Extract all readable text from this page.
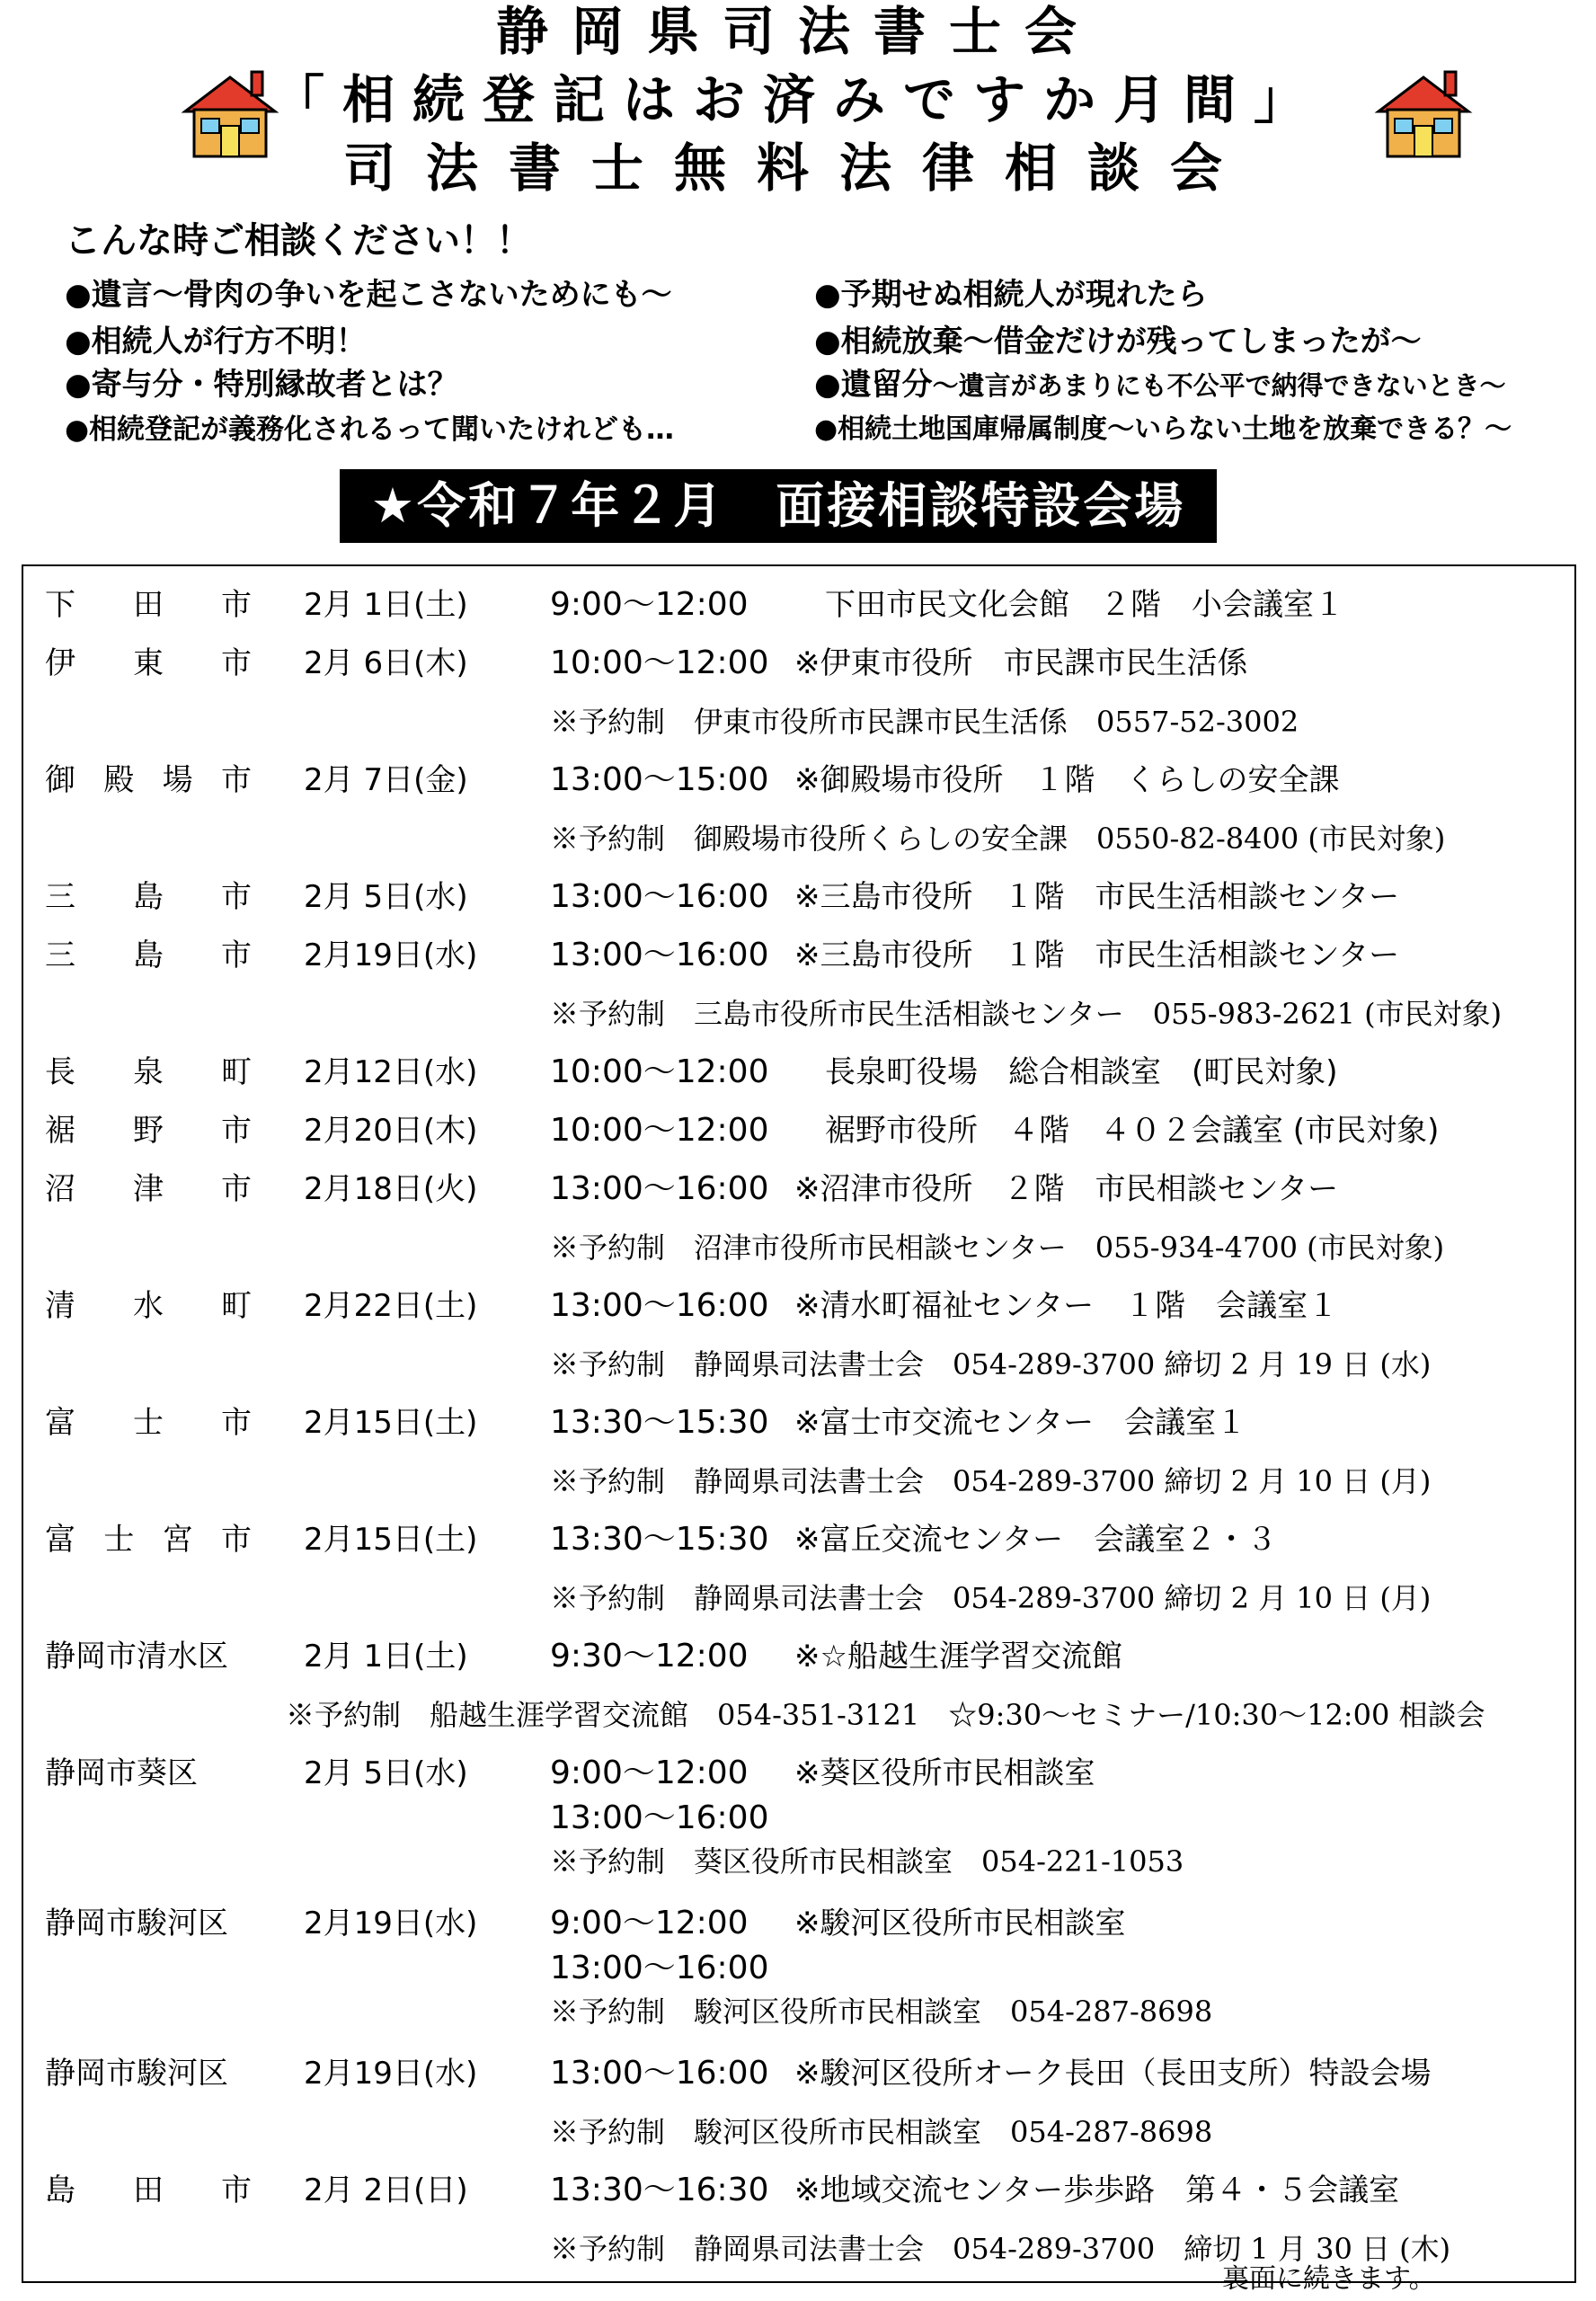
静岡県司法書士会
「相続登記はお済みですか月間」
司法書士無料法律相談会
こんな時ご相談ください！！
●遺言～骨肉の争いを起こさないためにも～
●相続人が行方不明！
●寄与分・特別縁故者とは？
●相続登記が義務化されるって聞いたけれども…
●予期せぬ相続人が現れたら
●相続放棄～借金だけが残ってしまったが～
●遺留分～遺言があまりにも不公平で納得できないとき～
●相続土地国庫帰属制度～いらない土地を放棄できる？～
★令和７年２月　面接相談特設会場
下 田 市 2月 1日(土)	9:00～12:00 　下田市民文化会館　２階　小会議室１
伊 東 市 2月 6日(木)	10:00～12:00 ※伊東市役所　市民課市民生活係
※予約制　伊東市役所市民課市民生活係　0557-52-3002
御 殿 場 市 2月 7日(金)	13:00～15:00 ※御殿場市役所　１階　くらしの安全課
※予約制　御殿場市役所くらしの安全課　0550-82-8400 (市民対象)
三 島 市 2月 5日(水)	13:00～16:00 ※三島市役所　１階　市民生活相談センター
三 島 市 2月19日(水) 13:00～16:00 ※三島市役所　１階　市民生活相談センター
※予約制　三島市役所市民生活相談センター　055-983-2621 (市民対象)
長 泉 町 2月12日(水) 10:00～12:00 　長泉町役場　総合相談室　(町民対象)
裾 野 市 2月20日(木) 10:00～12:00 　裾野市役所　４階　４０２会議室 (市民対象)
沼 津 市 2月18日(火) 13:00～16:00 ※沼津市役所　２階　市民相談センター
※予約制　沼津市役所市民相談センター　055-934-4700 (市民対象)
清 水 町 2月22日(土) 13:00～16:00 ※清水町福祉センター　１階　会議室１
※予約制　静岡県司法書士会　054-289-3700 締切 2 月 19 日 (水)
富 士 市 2月15日(土) 13:30～15:30 ※富士市交流センター　会議室１
※予約制　静岡県司法書士会　054-289-3700 締切 2 月 10 日 (月)
富 士 宮 市 2月15日(土) 13:30～15:30 ※富丘交流センター　会議室２・３
※予約制　静岡県司法書士会　054-289-3700 締切 2 月 10 日 (月)
静岡市清水区 2月 1日(土)	9:30～12:00 ※☆船越生涯学習交流館
※予約制　船越生涯学習交流館　054-351-3121　☆9:30～セミナー/10:30～12:00 相談会
静岡市葵区	2月 5日(水)	9:00～12:00 ※葵区役所市民相談室
13:00～16:00
※予約制　葵区役所市民相談室　054-221-1053
静岡市駿河区 2月19日(水) 9:00～12:00 ※駿河区役所市民相談室
13:00～16:00
※予約制　駿河区役所市民相談室　054-287-8698
静岡市駿河区 2月19日(水) 13:00～16:00 ※駿河区役所オーク長田（長田支所）特設会場
※予約制　駿河区役所市民相談室　054-287-8698
島 田 市 2月 2日(日)	13:30～16:30 ※地域交流センター歩歩路　第４・５会議室
※予約制　静岡県司法書士会　054-289-3700　締切 1 月 30 日 (木)
裏面に続きます。
